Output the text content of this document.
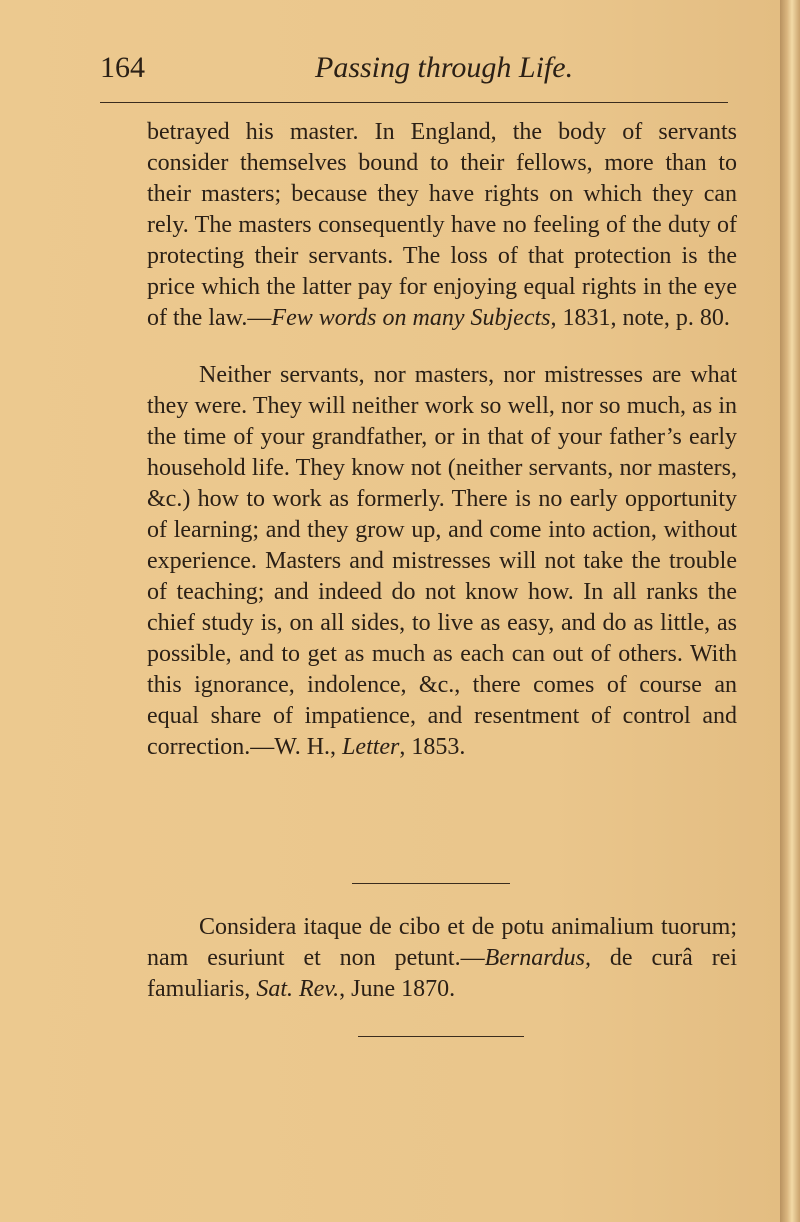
164	Passing through Life.

betrayed his master. In England, the body of servants consider themselves bound to their fellows, more than to their masters; because they have rights on which they can rely. The masters consequently have no feeling of the duty of protecting their servants. The loss of that protection is the price which the latter pay for enjoying equal rights in the eye of the law.—Few words on many Subjects, 1831, note, p. 80.

Neither servants, nor masters, nor mistresses are what they were. They will neither work so well, nor so much, as in the time of your grandfather, or in that of your father’s early household life. They know not (neither servants, nor masters, &c.) how to work as formerly. There is no early opportunity of learning; and they grow up, and come into action, without experience. Masters and mistresses will not take the trouble of teaching; and indeed do not know how. In all ranks the chief study is, on all sides, to live as easy, and do as little, as possible, and to get as much as each can out of others. With this ignorance, indolence, &c., there comes of course an equal share of impatience, and resentment of control and correction.—W. H., Letter, 1853.

Considera itaque de cibo et de potu animalium tuorum; nam esuriunt et non petunt.—Bernardus, de curâ rei famuliaris, Sat. Rev., June 1870.
